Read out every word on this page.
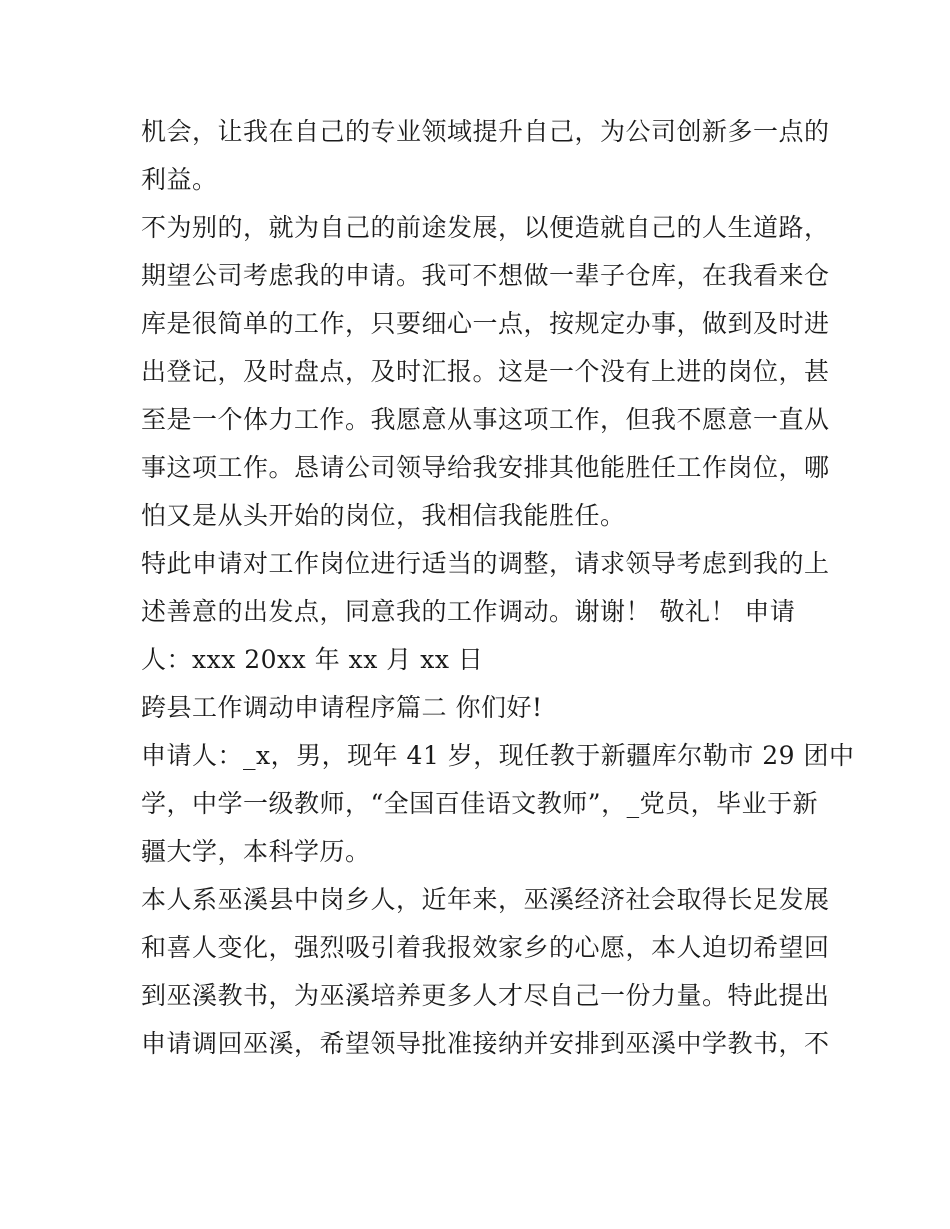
机会，让我在自己的专业领域提升自己，为公司创新多一点的
利益。
不为别的，就为自己的前途发展，以便造就自己的人生道路，
期望公司考虑我的申请。我可不想做一辈子仓库，在我看来仓
库是很简单的工作，只要细心一点，按规定办事，做到及时进
出登记，及时盘点，及时汇报。这是一个没有上进的岗位，甚
至是一个体力工作。我愿意从事这项工作，但我不愿意一直从
事这项工作。恳请公司领导给我安排其他能胜任工作岗位，哪
怕又是从头开始的岗位，我相信我能胜任。
特此申请对工作岗位进行适当的调整，请求领导考虑到我的上
述善意的出发点，同意我的工作调动。谢谢！ 敬礼！ 申请
人：xxx 20xx 年 xx 月 xx 日
跨县工作调动申请程序篇二 你们好!
申请人：_x，男，现年 41 岁，现任教于新疆库尔勒市 29 团中
学，中学一级教师，“全国百佳语文教师”，_党员，毕业于新
疆大学，本科学历。
本人系巫溪县中岗乡人，近年来，巫溪经济社会取得长足发展
和喜人变化，强烈吸引着我报效家乡的心愿，本人迫切希望回
到巫溪教书，为巫溪培养更多人才尽自己一份力量。特此提出
申请调回巫溪，希望领导批准接纳并安排到巫溪中学教书，不
